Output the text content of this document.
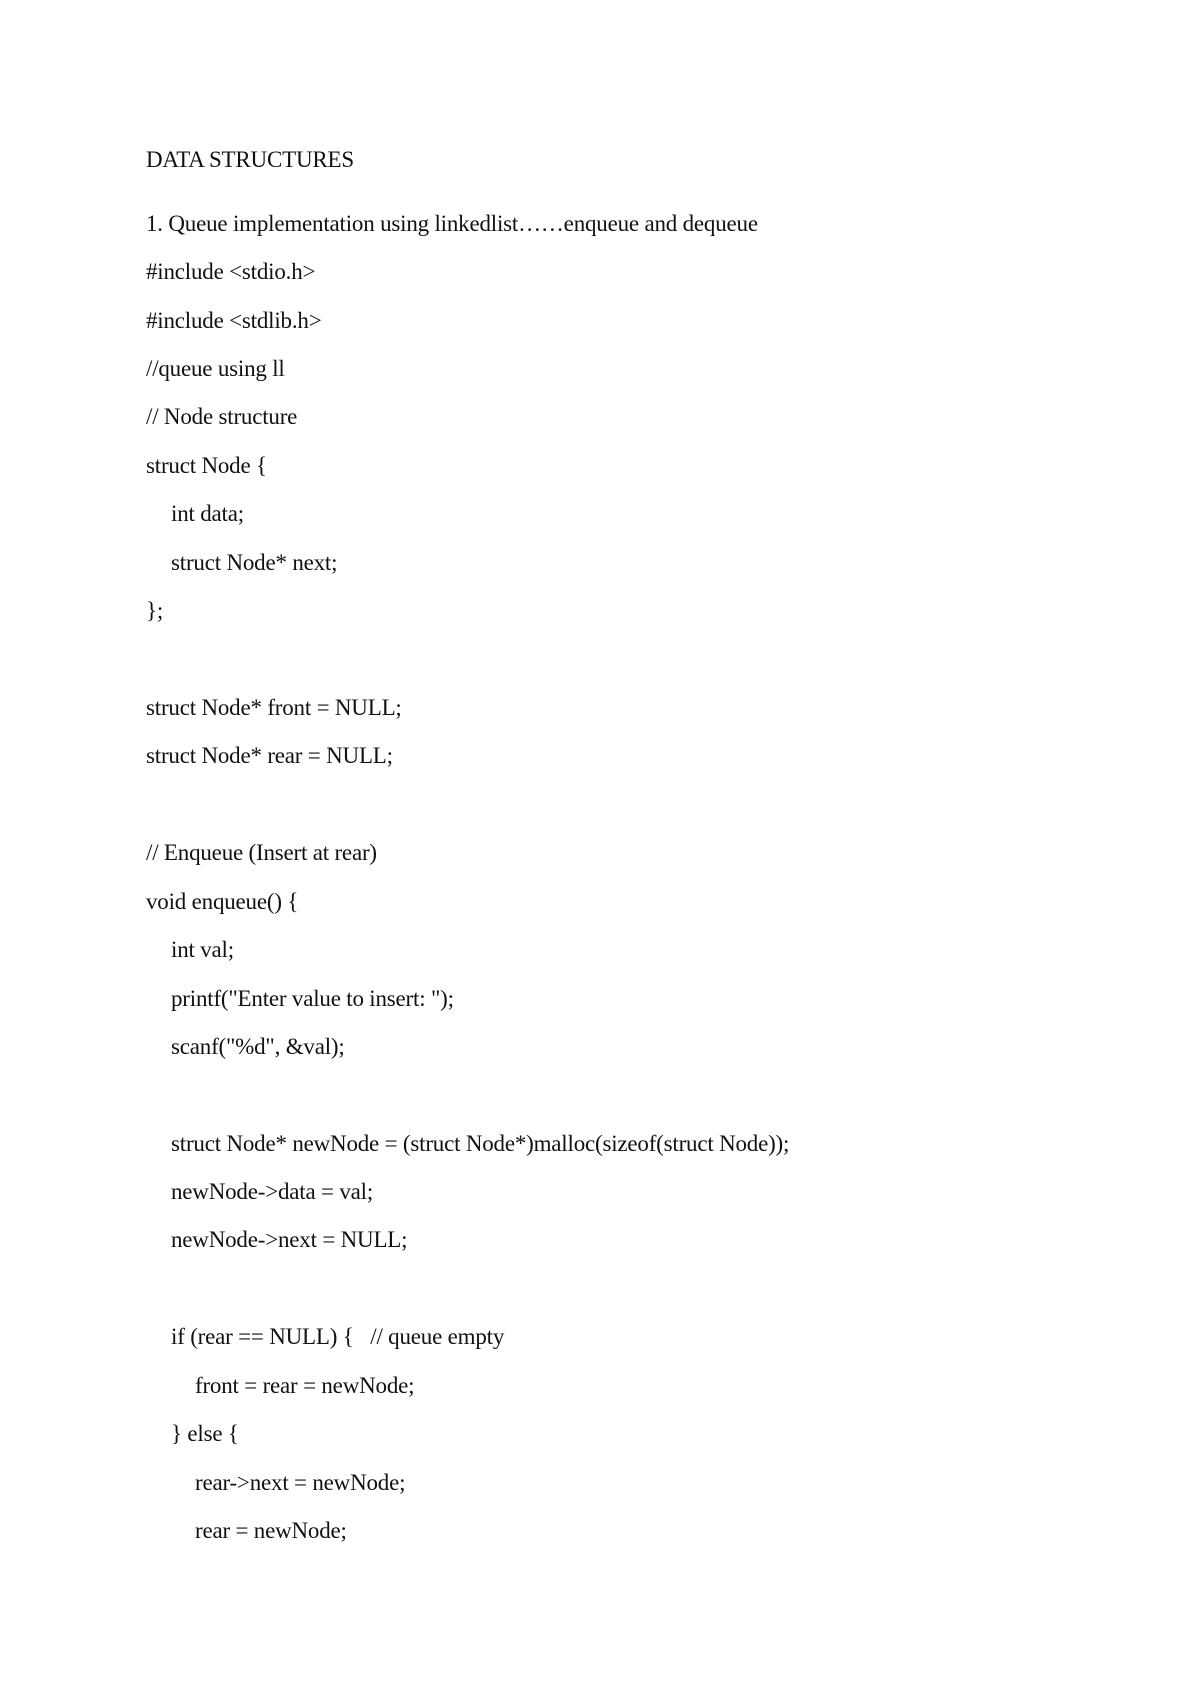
DATA STRUCTURES
1. Queue implementation using linkedlist……enqueue and dequeue
#include <stdio.h>
#include <stdlib.h>
//queue using ll
// Node structure
struct Node {
int data;
struct Node* next;
};
struct Node* front = NULL;
struct Node* rear = NULL;
// Enqueue (Insert at rear)
void enqueue() {
int val;
printf("Enter value to insert: ");
scanf("%d", &val);
struct Node* newNode = (struct Node*)malloc(sizeof(struct Node));
newNode->data = val;
newNode->next = NULL;
if (rear == NULL) {   // queue empty
front = rear = newNode;
} else {
rear->next = newNode;
rear = newNode;
